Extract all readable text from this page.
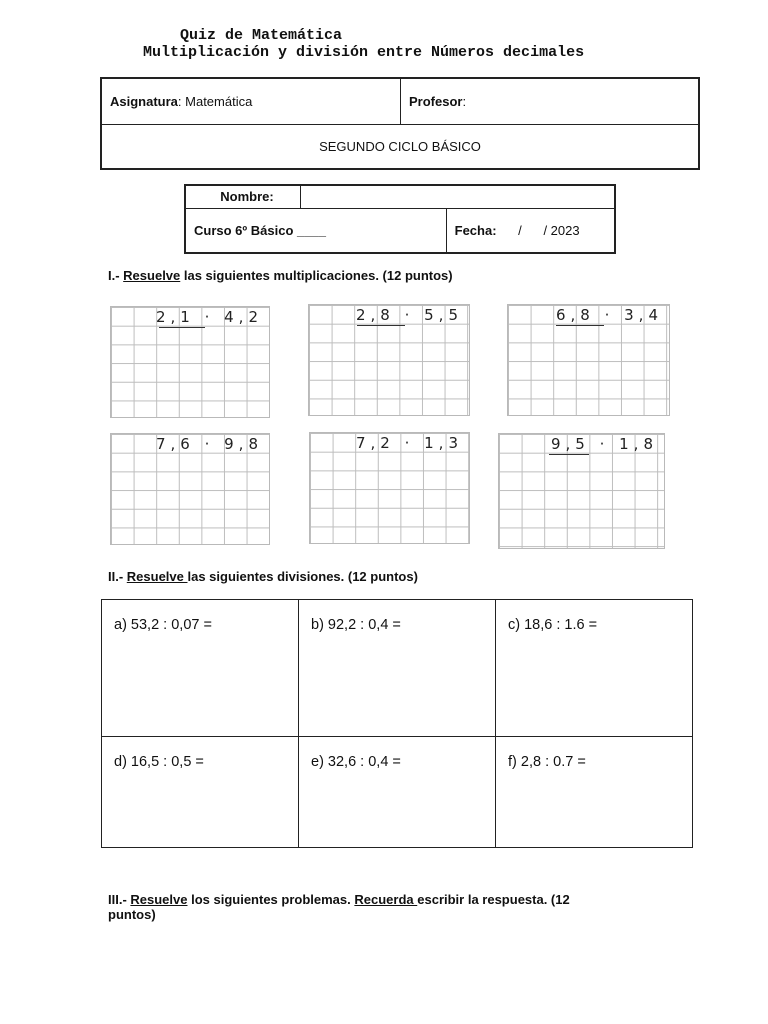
Quiz de Matemática
Multiplicación y división entre Números decimales
Asignatura: Matemática	Profesor:
SEGUNDO CICLO BÁSICO
Nombre:		
Curso 6º Básico ____		Fecha: /      / 2023
I.- Resuelve las siguientes multiplicaciones. (12 puntos)
2,1 · 4,2	2,8 · 5,5	6,8 · 3,4
7,6 · 9,8	7,2 · 1,3	9,5 · 1,8
II.- Resuelve las siguientes divisiones. (12 puntos)
a) 53,2 : 0,07 =	b) 92,2 : 0,4 =	c) 18,6 : 1.6 =
d) 16,5 : 0,5 =	e) 32,6 : 0,4 =	f) 2,8 : 0.7 =
III.- Resuelve los siguientes problemas. Recuerda escribir la respuesta. (12
puntos)
